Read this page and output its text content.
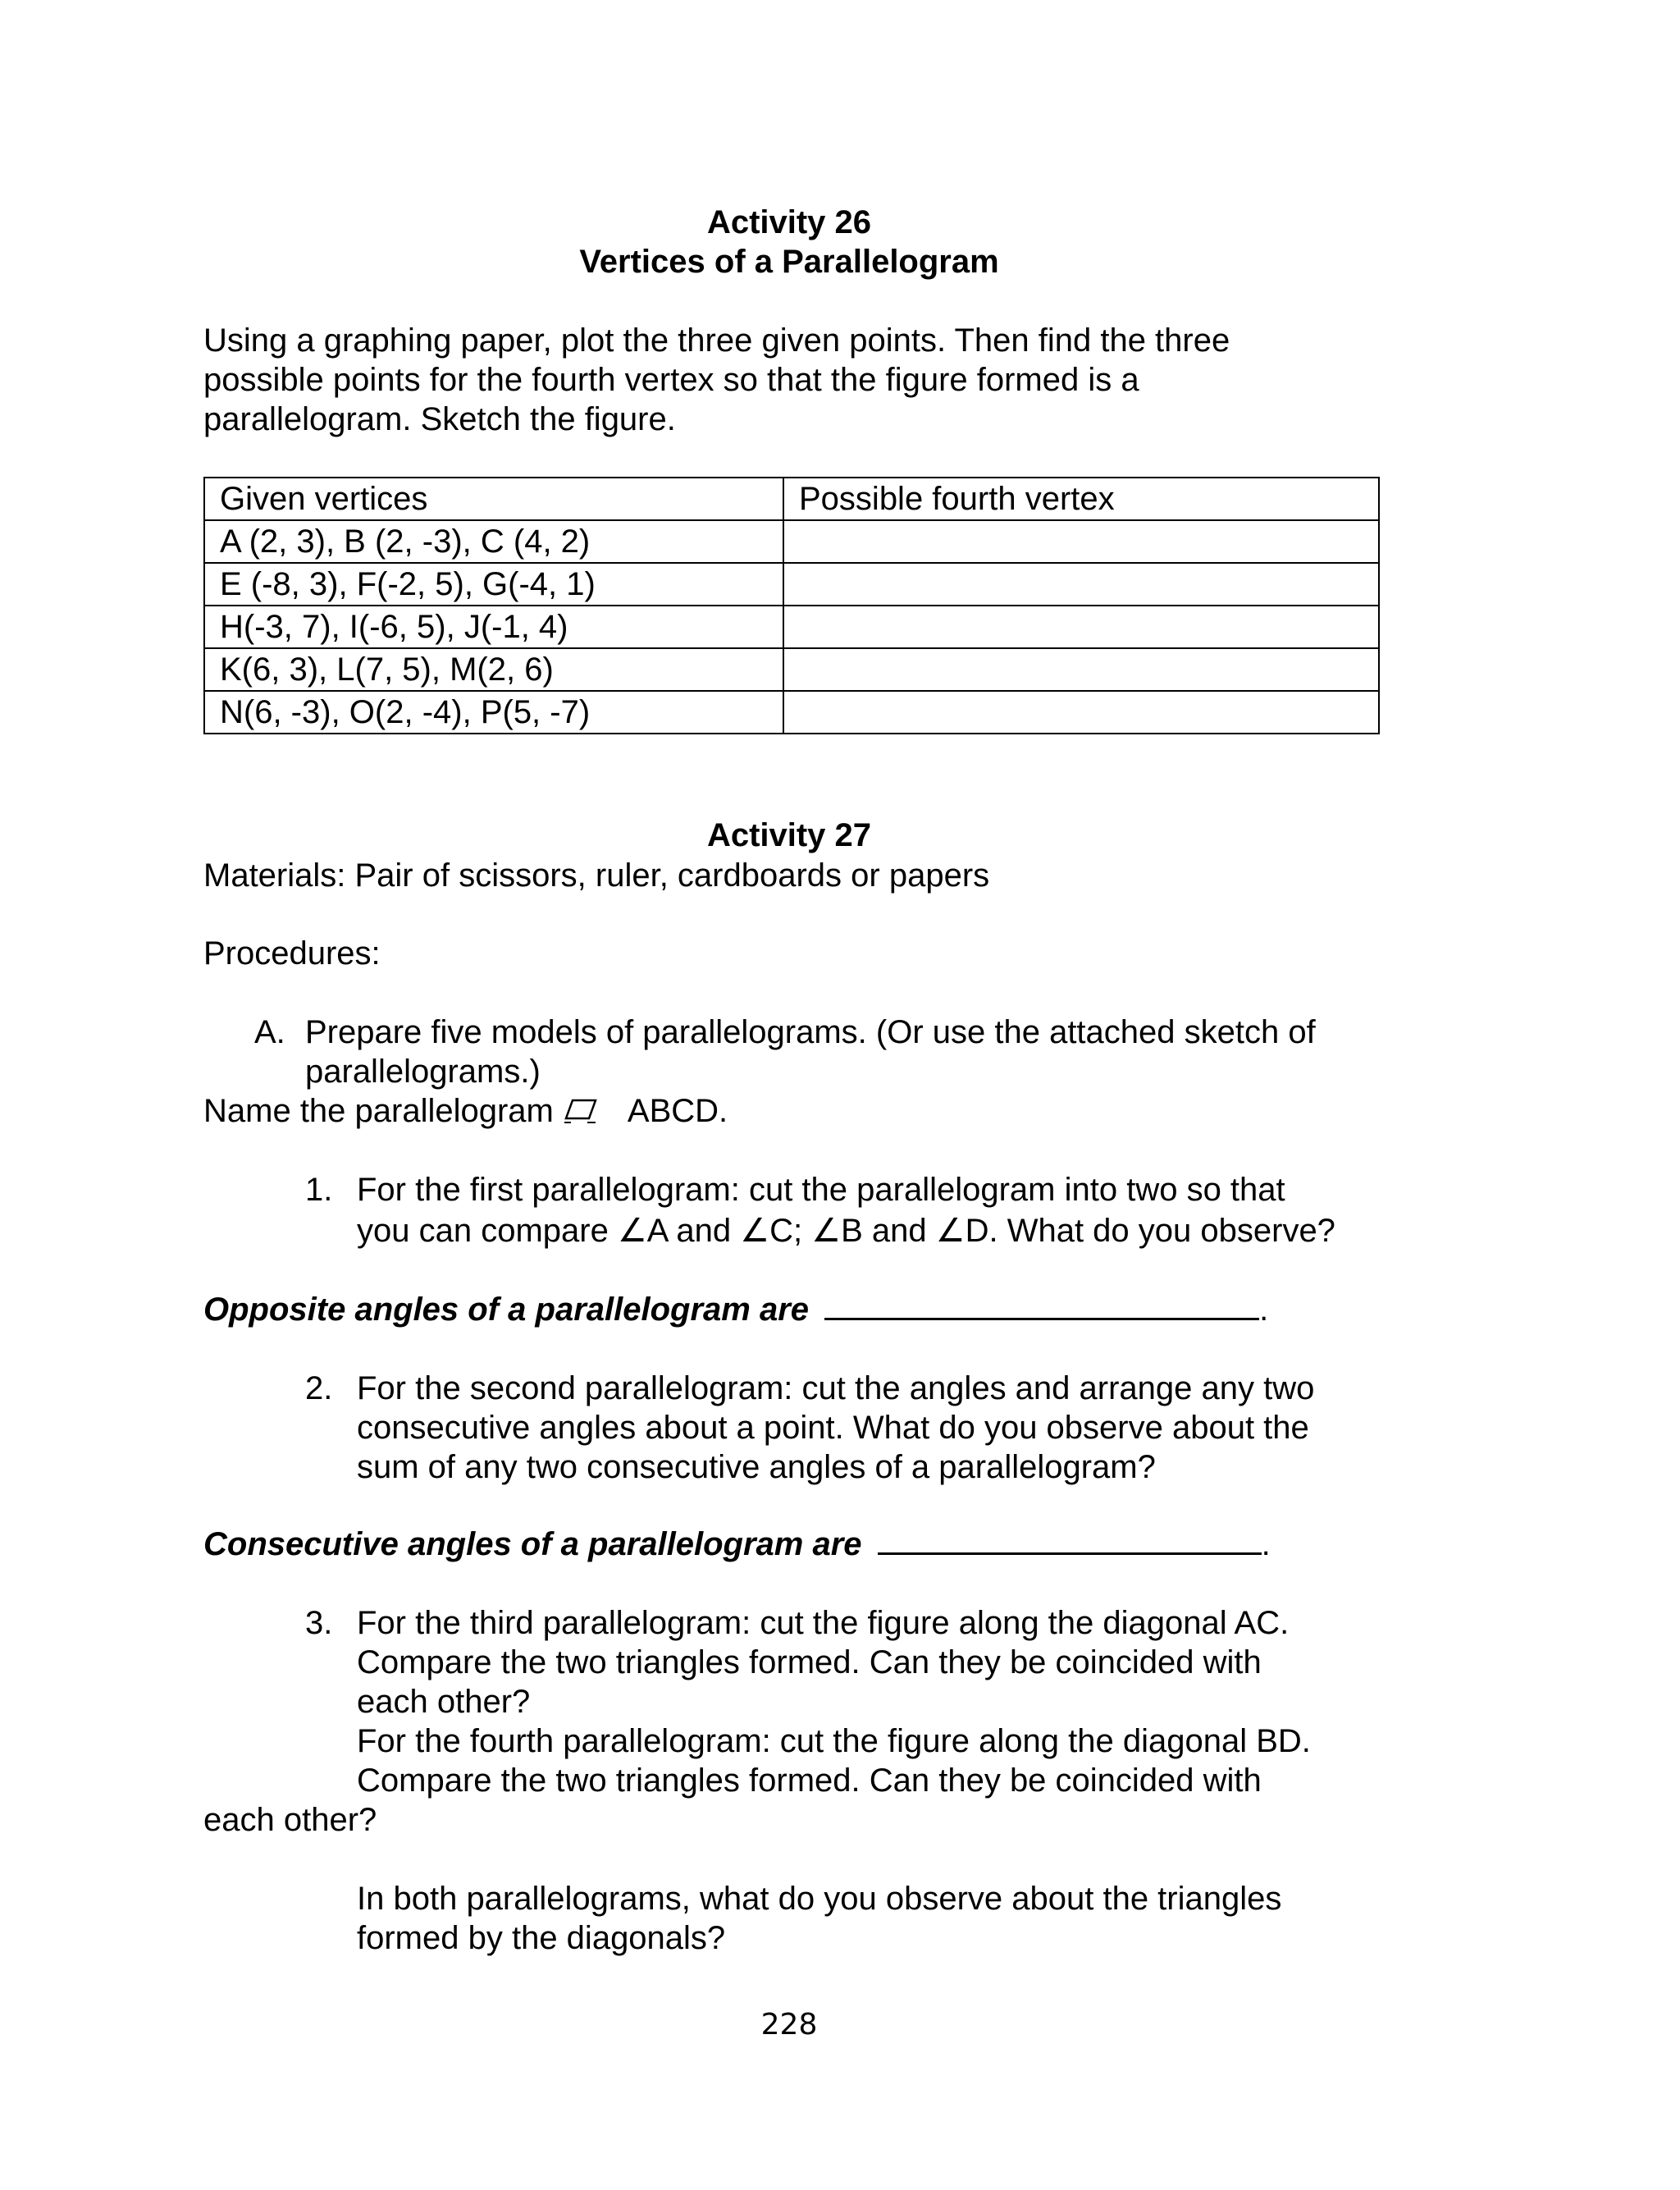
Activity 26
Vertices of a Parallelogram
Using a graphing paper, plot the three given points. Then find the three
possible points for the fourth vertex so that the figure formed is a
parallelogram. Sketch the figure.
Given vertices	Possible fourth vertex
A (2, 3), B (2, -3), C (4, 2)	
E (-8, 3), F(-2, 5), G(-4, 1)	
H(-3, 7), I(-6, 5), J(-1, 4)	
K(6, 3), L(7, 5), M(2, 6)	
N(6, -3), O(2, -4), P(5, -7)	
Activity 27
Materials: Pair of scissors, ruler, cardboards or papers
Procedures:
A. Prepare five models of parallelograms. (Or use the attached sketch of
parallelograms.)
Name the parallelogram ABCD.
1. For the first parallelogram: cut the parallelogram into two so that
you can compare ∠A and ∠C; ∠B and ∠D. What do you observe?
Opposite angles of a parallelogram are	.
2. For the second parallelogram: cut the angles and arrange any two
consecutive angles about a point. What do you observe about the
sum of any two consecutive angles of a parallelogram?
Consecutive angles of a parallelogram are	.
3. For the third parallelogram: cut the figure along the diagonal AC.
Compare the two triangles formed. Can they be coincided with
each other?
For the fourth parallelogram: cut the figure along the diagonal BD.
Compare the two triangles formed. Can they be coincided with
each other?
In both parallelograms, what do you observe about the triangles
formed by the diagonals?
228
